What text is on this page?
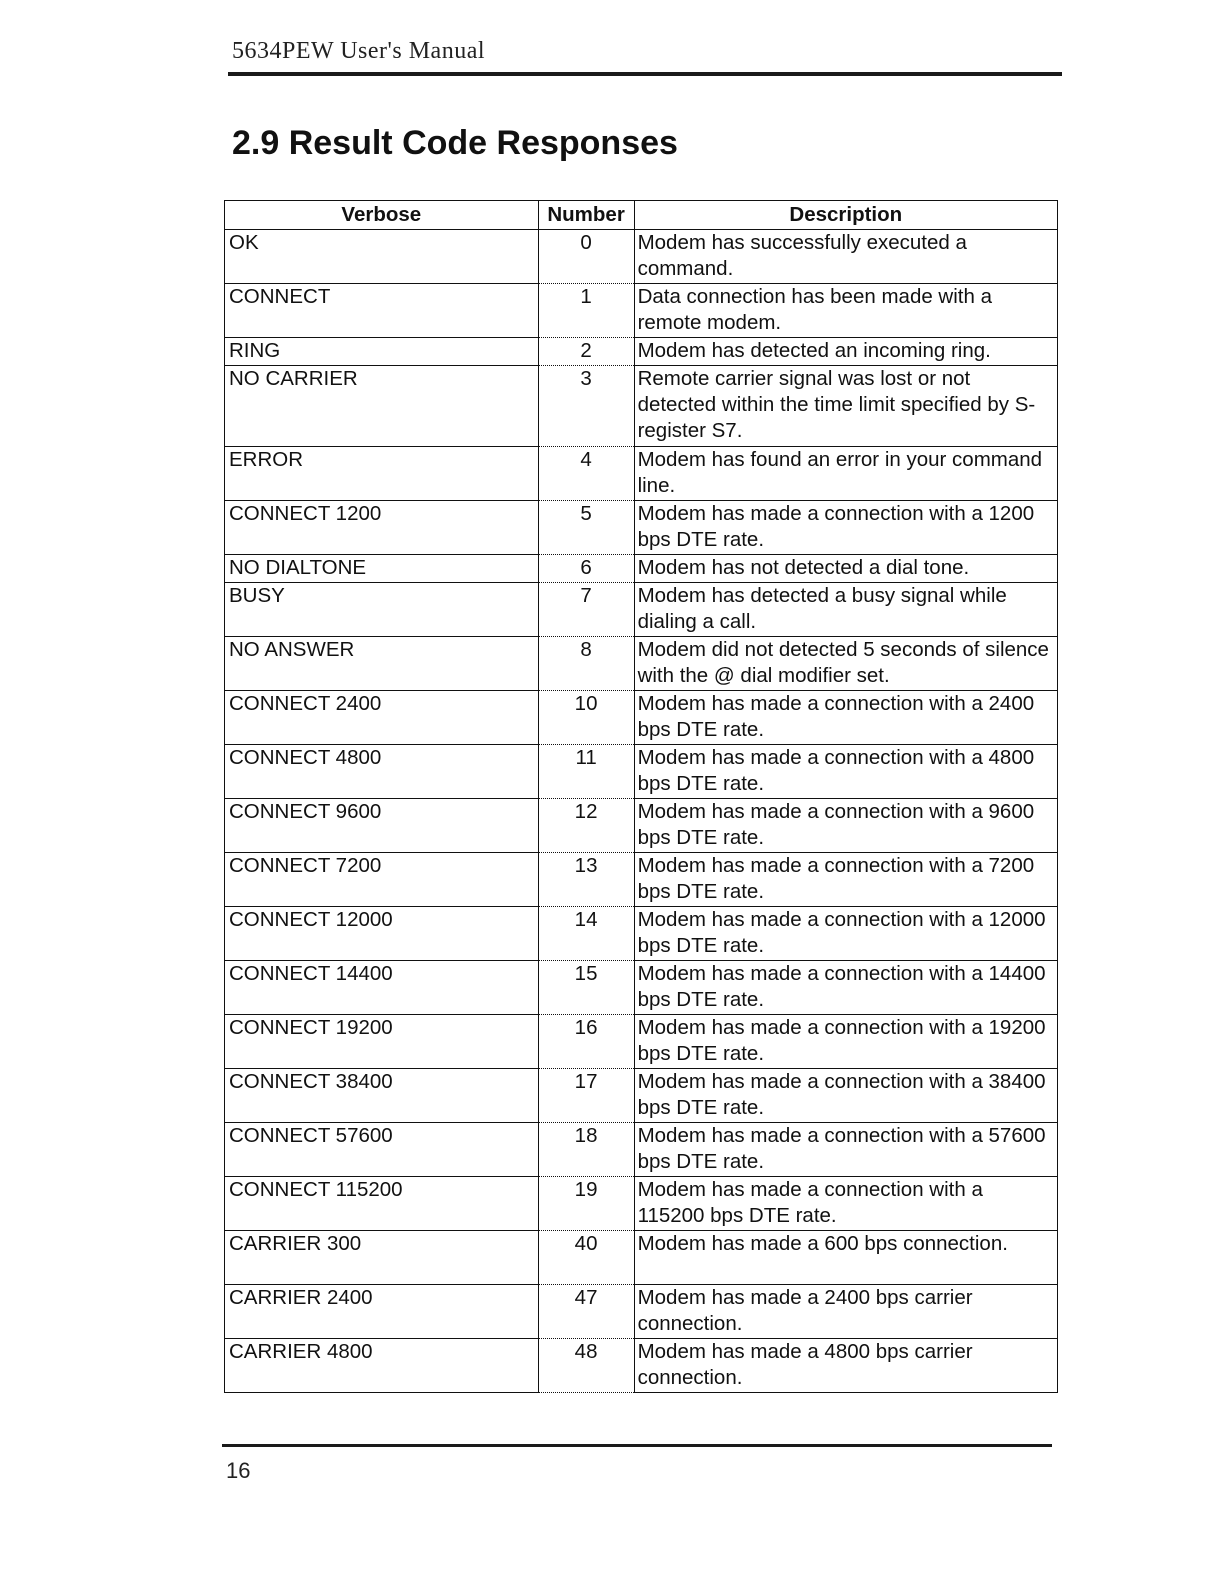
5634PEW User's Manual
2.9 Result Code Responses
Verbose	Number	Description
OK	0	Modem has successfully executed a command.
CONNECT	1	Data connection has been made with a remote modem.
RING	2	Modem has detected an incoming ring.
NO CARRIER	3	Remote carrier signal was lost or not detected within the time limit specified by S-register S7.
ERROR	4	Modem has found an error in your command line.
CONNECT 1200	5	Modem has made a connection with a 1200 bps DTE rate.
NO DIALTONE	6	Modem has not detected a dial tone.
BUSY	7	Modem has detected a busy signal while dialing a call.
NO ANSWER	8	Modem did not detected 5 seconds of silence with the @ dial modifier set.
CONNECT 2400	10	Modem has made a connection with a 2400 bps DTE rate.
CONNECT 4800	11	Modem has made a connection with a 4800 bps DTE rate.
CONNECT 9600	12	Modem has made a connection with a 9600 bps DTE rate.
CONNECT 7200	13	Modem has made a connection with a 7200 bps DTE rate.
CONNECT 12000	14	Modem has made a connection with a 12000 bps DTE rate.
CONNECT 14400	15	Modem has made a connection with a 14400 bps DTE rate.
CONNECT 19200	16	Modem has made a connection with a 19200 bps DTE rate.
CONNECT 38400	17	Modem has made a connection with a 38400 bps DTE rate.
CONNECT 57600	18	Modem has made a connection with a 57600 bps DTE rate.
CONNECT 115200	19	Modem has made a connection with a 115200 bps DTE rate.
CARRIER 300	40	Modem has made a 600 bps connection.
CARRIER 2400	47	Modem has made a 2400 bps carrier connection.
CARRIER 4800	48	Modem has made a 4800 bps carrier connection.
16
